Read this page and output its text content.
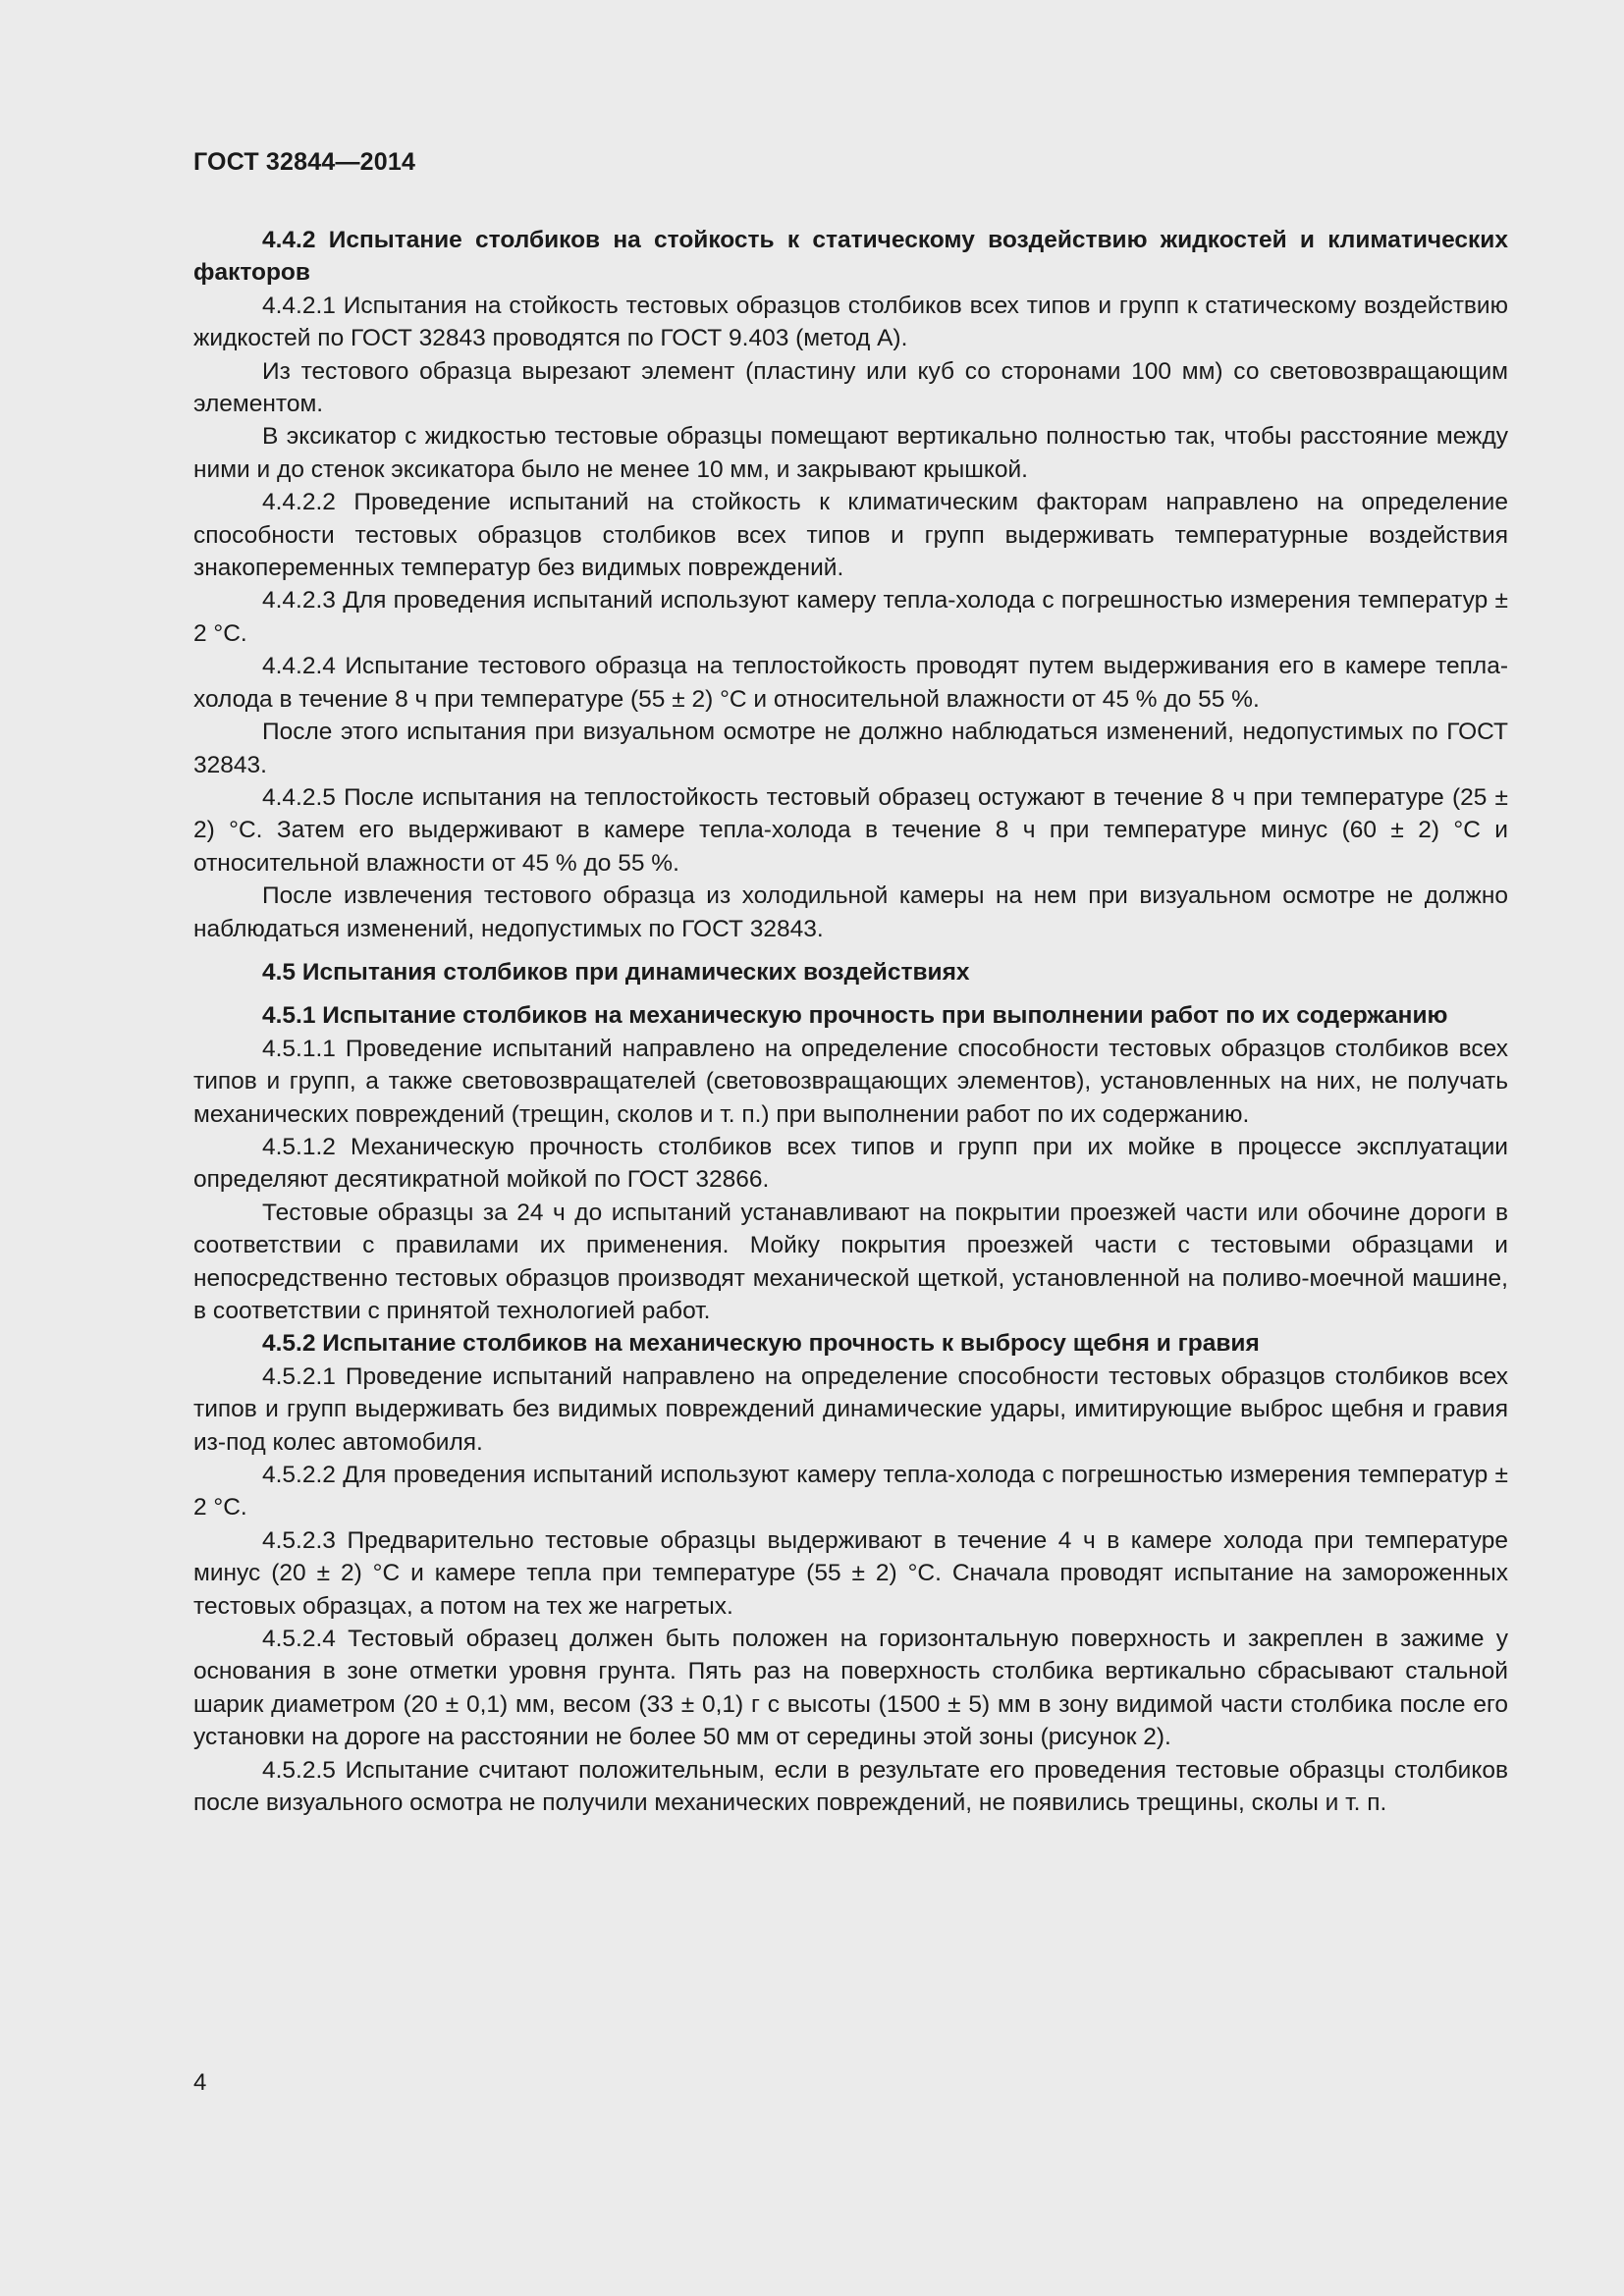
ГОСТ 32844—2014

4.4.2 Испытание столбиков на стойкость к статическому воздействию жидкостей и климатических факторов

4.4.2.1 Испытания на стойкость тестовых образцов столбиков всех типов и групп к статическому воздействию жидкостей по ГОСТ 32843 проводятся по ГОСТ 9.403 (метод А).

Из тестового образца вырезают элемент (пластину или куб со сторонами 100 мм) со световозвращающим элементом.

В эксикатор с жидкостью тестовые образцы помещают вертикально полностью так, чтобы расстояние между ними и до стенок эксикатора было не менее 10 мм, и закрывают крышкой.

4.4.2.2 Проведение испытаний на стойкость к климатическим факторам направлено на определение способности тестовых образцов столбиков всех типов и групп выдерживать температурные воздействия знакопеременных температур без видимых повреждений.

4.4.2.3 Для проведения испытаний используют камеру тепла-холода с погрешностью измерения температур ± 2 °С.

4.4.2.4 Испытание тестового образца на теплостойкость проводят путем выдерживания его в камере тепла-холода в течение 8 ч при температуре (55 ± 2) °С и относительной влажности от 45 % до 55 %.

После этого испытания при визуальном осмотре не должно наблюдаться изменений, недопустимых по ГОСТ 32843.

4.4.2.5 После испытания на теплостойкость тестовый образец остужают в течение 8 ч при температуре (25 ± 2) °С. Затем его выдерживают в камере тепла-холода в течение 8 ч при температуре минус (60 ± 2) °С и относительной влажности от 45 % до 55 %.

После извлечения тестового образца из холодильной камеры на нем при визуальном осмотре не должно наблюдаться изменений, недопустимых по ГОСТ 32843.

4.5 Испытания столбиков при динамических воздействиях

4.5.1 Испытание столбиков на механическую прочность при выполнении работ по их содержанию

4.5.1.1 Проведение испытаний направлено на определение способности тестовых образцов столбиков всех типов и групп, а также световозвращателей (световозвращающих элементов), установленных на них, не получать механических повреждений (трещин, сколов и т. п.) при выполнении работ по их содержанию.

4.5.1.2 Механическую прочность столбиков всех типов и групп при их мойке в процессе эксплуатации определяют десятикратной мойкой по ГОСТ 32866.

Тестовые образцы за 24 ч до испытаний устанавливают на покрытии проезжей части или обочине дороги в соответствии с правилами их применения. Мойку покрытия проезжей части с тестовыми образцами и непосредственно тестовых образцов производят механической щеткой, установленной на поливо-моечной машине, в соответствии с принятой технологией работ.

4.5.2 Испытание столбиков на механическую прочность к выбросу щебня и гравия

4.5.2.1 Проведение испытаний направлено на определение способности тестовых образцов столбиков всех типов и групп выдерживать без видимых повреждений динамические удары, имитирующие выброс щебня и гравия из-под колес автомобиля.

4.5.2.2 Для проведения испытаний используют камеру тепла-холода с погрешностью измерения температур ± 2 °С.

4.5.2.3 Предварительно тестовые образцы выдерживают в течение 4 ч в камере холода при температуре минус (20 ± 2) °С и камере тепла при температуре (55 ± 2) °С. Сначала проводят испытание на замороженных тестовых образцах, а потом на тех же нагретых.

4.5.2.4 Тестовый образец должен быть положен на горизонтальную поверхность и закреплен в зажиме у основания в зоне отметки уровня грунта. Пять раз на поверхность столбика вертикально сбрасывают стальной шарик диаметром (20 ± 0,1) мм, весом (33 ± 0,1) г с высоты (1500 ± 5) мм в зону видимой части столбика после его установки на дороге на расстоянии не более 50 мм от середины этой зоны (рисунок 2).

4.5.2.5 Испытание считают положительным, если в результате его проведения тестовые образцы столбиков после визуального осмотра не получили механических повреждений, не появились трещины, сколы и т. п.

4
